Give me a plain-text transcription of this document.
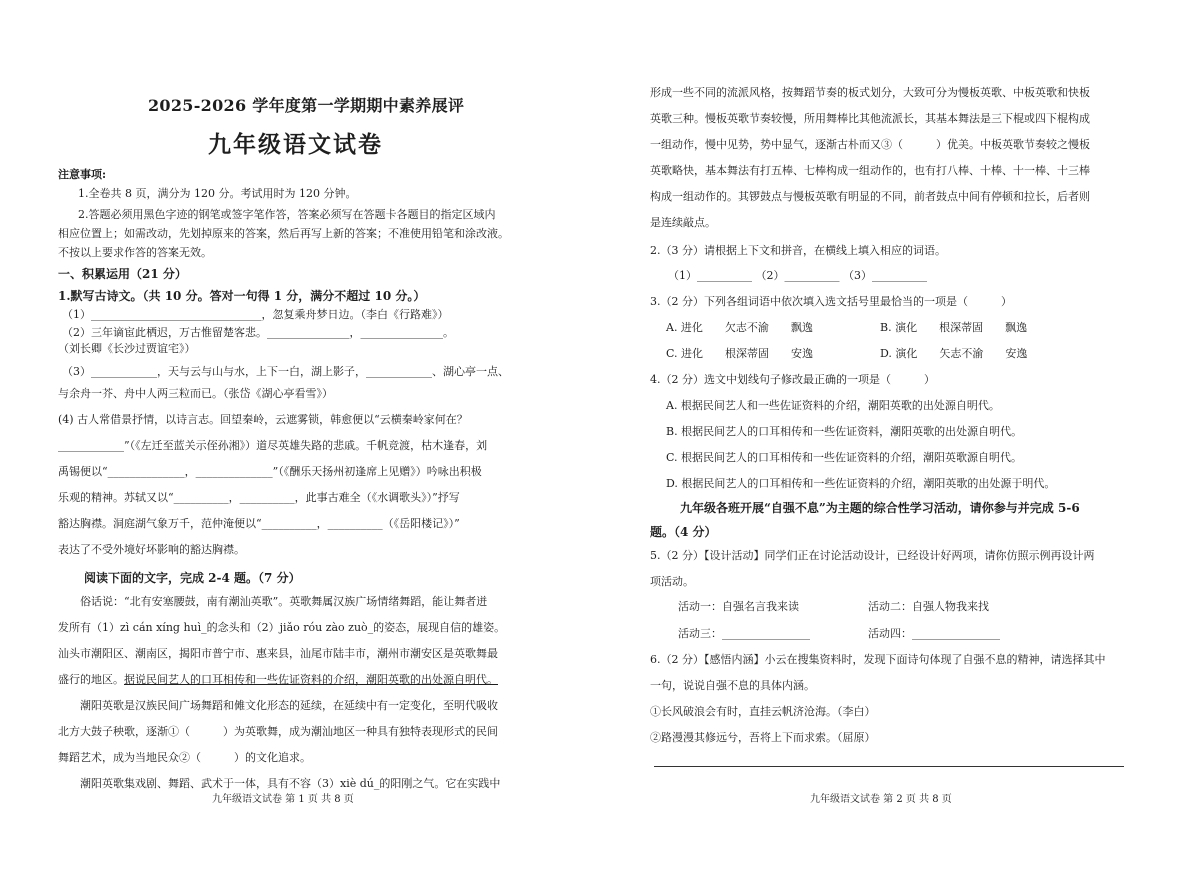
2025-2026 学年度第一学期期中素养展评
九年级语文试卷
注意事项:
1.全卷共 8 页，满分为 120 分。考试用时为 120 分钟。
2.答题必须用黑色字迹的钢笔或签字笔作答，答案必须写在答题卡各题目的指定区域内
相应位置上；如需改动，先划掉原来的答案，然后再写上新的答案；不准使用铅笔和涂改液。
不按以上要求作答的答案无效。
一、积累运用（21 分）
1.默写古诗文。（共 10 分。答对一句得 1 分，满分不超过 10 分。）
（1）_______________________________，忽复乘舟梦日边。（李白《行路难》）
（2）三年谪宦此栖迟，万古惟留楚客悲。_______________，_______________。
（刘长卿《长沙过贾谊宅》）
（3）____________，天与云与山与水，上下一白，湖上影子，____________、湖心亭一点、
与余舟一芥、舟中人两三粒而已。（张岱《湖心亭看雪》）
(4) 古人常借景抒情，以诗言志。回望秦岭，云遮雾锁，韩愈便以“云横秦岭家何在？
____________”（《左迁至蓝关示侄孙湘》）道尽英雄失路的悲戚。千帆竞渡，枯木逢春，刘
禹锡便以“______________，______________”（《酬乐天扬州初逢席上见赠》）吟咏出积极
乐观的精神。苏轼又以“__________，__________，此事古难全（《水调歌头》）”抒写
豁达胸襟。洞庭湖气象万千，范仲淹便以“__________，__________（《岳阳楼记》）”
表达了不受外境好坏影响的豁达胸襟。
阅读下面的文字，完成 2-4 题。（7 分）
俗话说：“北有安塞腰鼓，南有潮汕英歌”。英歌舞属汉族广场情绪舞蹈，能让舞者迸
发所有（1）zì cán xíng huì_的念头和（2）jiǎo róu zào zuò_的姿态，展现自信的雄姿。
汕头市潮阳区、潮南区，揭阳市普宁市、惠来县，汕尾市陆丰市，潮州市潮安区是英歌舞最
盛行的地区。据说民间艺人的口耳相传和一些佐证资料的介绍，潮阳英歌的出处源自明代。
潮阳英歌是汉族民间广场舞蹈和傩文化形态的延续，在延续中有一定变化，至明代吸收
北方大鼓子秧歌，逐渐①（　　　）为英歌舞，成为潮汕地区一种具有独特表现形式的民间
舞蹈艺术，成为当地民众②（　　　）的文化追求。
潮阳英歌集戏剧、舞蹈、武术于一体，具有不容（3）xiè dú_的阳刚之气。它在实践中
九年级语文试卷 第 1 页 共 8 页
形成一些不同的流派风格，按舞蹈节奏的板式划分，大致可分为慢板英歌、中板英歌和快板
英歌三种。慢板英歌节奏较慢，所用舞棒比其他流派长，其基本舞法是三下棍或四下棍构成
一组动作，慢中见势，势中显气，逐渐古朴而又③（　　　）优美。中板英歌节奏较之慢板
英歌略快，基本舞法有打五棒、七棒构成一组动作的，也有打八棒、十棒、十一棒、十三棒
构成一组动作的。其锣鼓点与慢板英歌有明显的不同，前者鼓点中间有停顿和拉长，后者则
是连续敲点。
2.（3 分）请根据上下文和拼音，在横线上填入相应的词语。
（1）__________ （2）__________ （3）__________
3.（2 分）下列各组词语中依次填入选文括号里最恰当的一项是（　　　）
A. 进化　　欠志不渝　　飘逸	B. 演化　　根深蒂固　　飘逸
C. 进化　　根深蒂固　　安逸	D. 演化　　矢志不渝　　安逸
4.（2 分）选文中划线句子修改最正确的一项是（　　　）
A. 根据民间艺人和一些佐证资料的介绍，潮阳英歌的出处源自明代。
B. 根据民间艺人的口耳相传和一些佐证资料，潮阳英歌的出处源自明代。
C. 根据民间艺人的口耳相传和一些佐证资料的介绍，潮阳英歌源自明代。
D. 根据民间艺人的口耳相传和一些佐证资料的介绍，潮阳英歌的出处源于明代。
九年级各班开展“自强不息”为主题的综合性学习活动，请你参与并完成 5-6
题。（4 分）
5.（2 分）【设计活动】同学们正在讨论活动设计，已经设计好两项，请你仿照示例再设计两
项活动。
活动一：自强名言我来读	活动二：自强人物我来找
活动三：________________	活动四：________________
6.（2 分）【感悟内涵】小云在搜集资料时，发现下面诗句体现了自强不息的精神，请选择其中
一句，说说自强不息的具体内涵。
①长风破浪会有时，直挂云帆济沧海。（李白）
②路漫漫其修远兮，吾将上下而求索。（屈原）
九年级语文试卷 第 2 页 共 8 页
